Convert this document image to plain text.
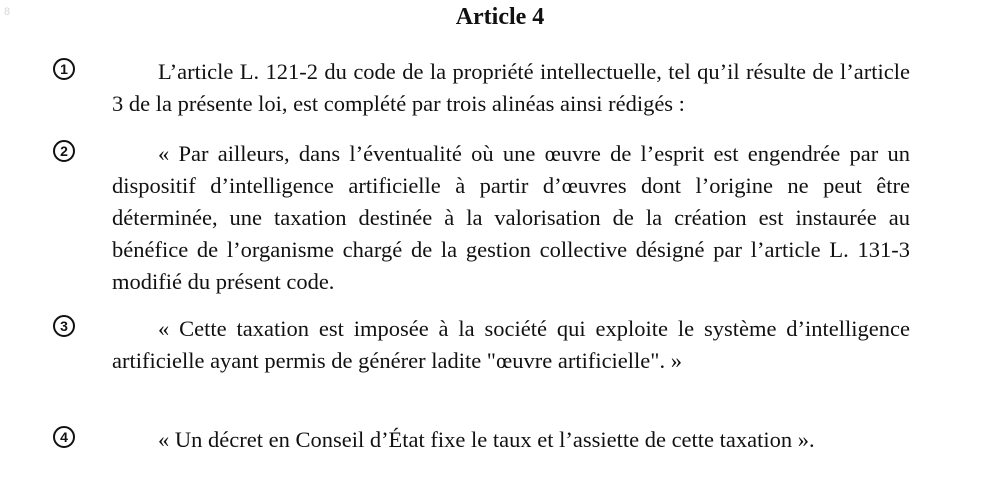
8	Article 4
1	L’article L. 121-2 du code de la propriété intellectuelle, tel qu’il résulte de l’article 3 de la présente loi, est complété par trois alinéas ainsi rédigés :

2	« Par ailleurs, dans l’éventualité où une œuvre de l’esprit est engendrée par un dispositif d’intelligence artificielle à partir d’œuvres dont l’origine ne peut être déterminée, une taxation destinée à la valorisation de la création est instaurée au bénéfice de l’organisme chargé de la gestion collective désigné par l’article L. 131-3 modifié du présent code.

3	« Cette taxation est imposée à la société qui exploite le système d’intelligence artificielle ayant permis de générer ladite "œuvre artificielle". »

4	« Un décret en Conseil d’État fixe le taux et l’assiette de cette taxation ».
